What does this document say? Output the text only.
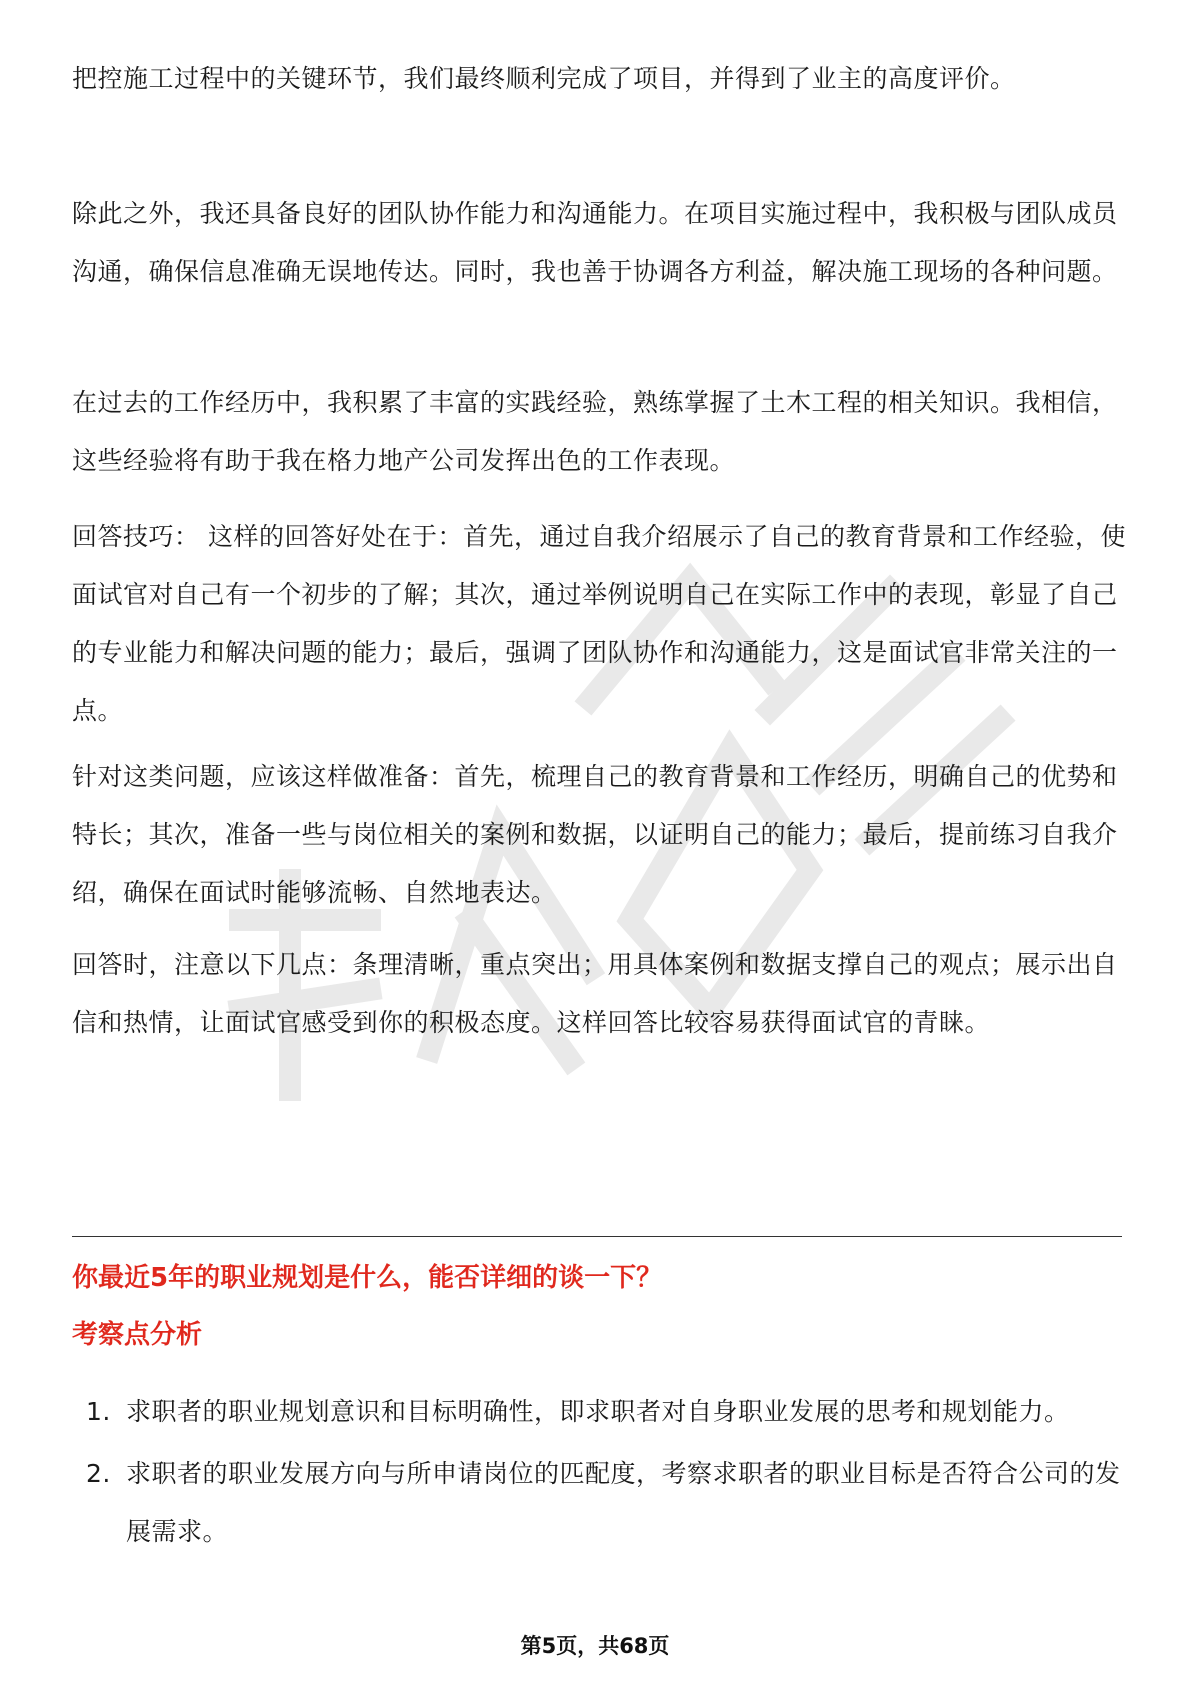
把控施工过程中的关键环节，我们最终顺利完成了项目，并得到了业主的高度评价。

除此之外，我还具备良好的团队协作能力和沟通能力。在项目实施过程中，我积极与团队成员沟通，确保信息准确无误地传达。同时，我也善于协调各方利益，解决施工现场的各种问题。

在过去的工作经历中，我积累了丰富的实践经验，熟练掌握了土木工程的相关知识。我相信，这些经验将有助于我在格力地产公司发挥出色的工作表现。

回答技巧： 这样的回答好处在于：首先，通过自我介绍展示了自己的教育背景和工作经验，使面试官对自己有一个初步的了解；其次，通过举例说明自己在实际工作中的表现，彰显了自己的专业能力和解决问题的能力；最后，强调了团队协作和沟通能力，这是面试官非常关注的一点。

针对这类问题，应该这样做准备：首先，梳理自己的教育背景和工作经历，明确自己的优势和特长；其次，准备一些与岗位相关的案例和数据，以证明自己的能力；最后，提前练习自我介绍，确保在面试时能够流畅、自然地表达。

回答时，注意以下几点：条理清晰，重点突出；用具体案例和数据支撑自己的观点；展示出自信和热情，让面试官感受到你的积极态度。这样回答比较容易获得面试官的青睐。

你最近5年的职业规划是什么，能否详细的谈一下？
考察点分析
1. 求职者的职业规划意识和目标明确性，即求职者对自身职业发展的思考和规划能力。
2. 求职者的职业发展方向与所申请岗位的匹配度，考察求职者的职业目标是否符合公司的发展需求。
第5页，共68页
